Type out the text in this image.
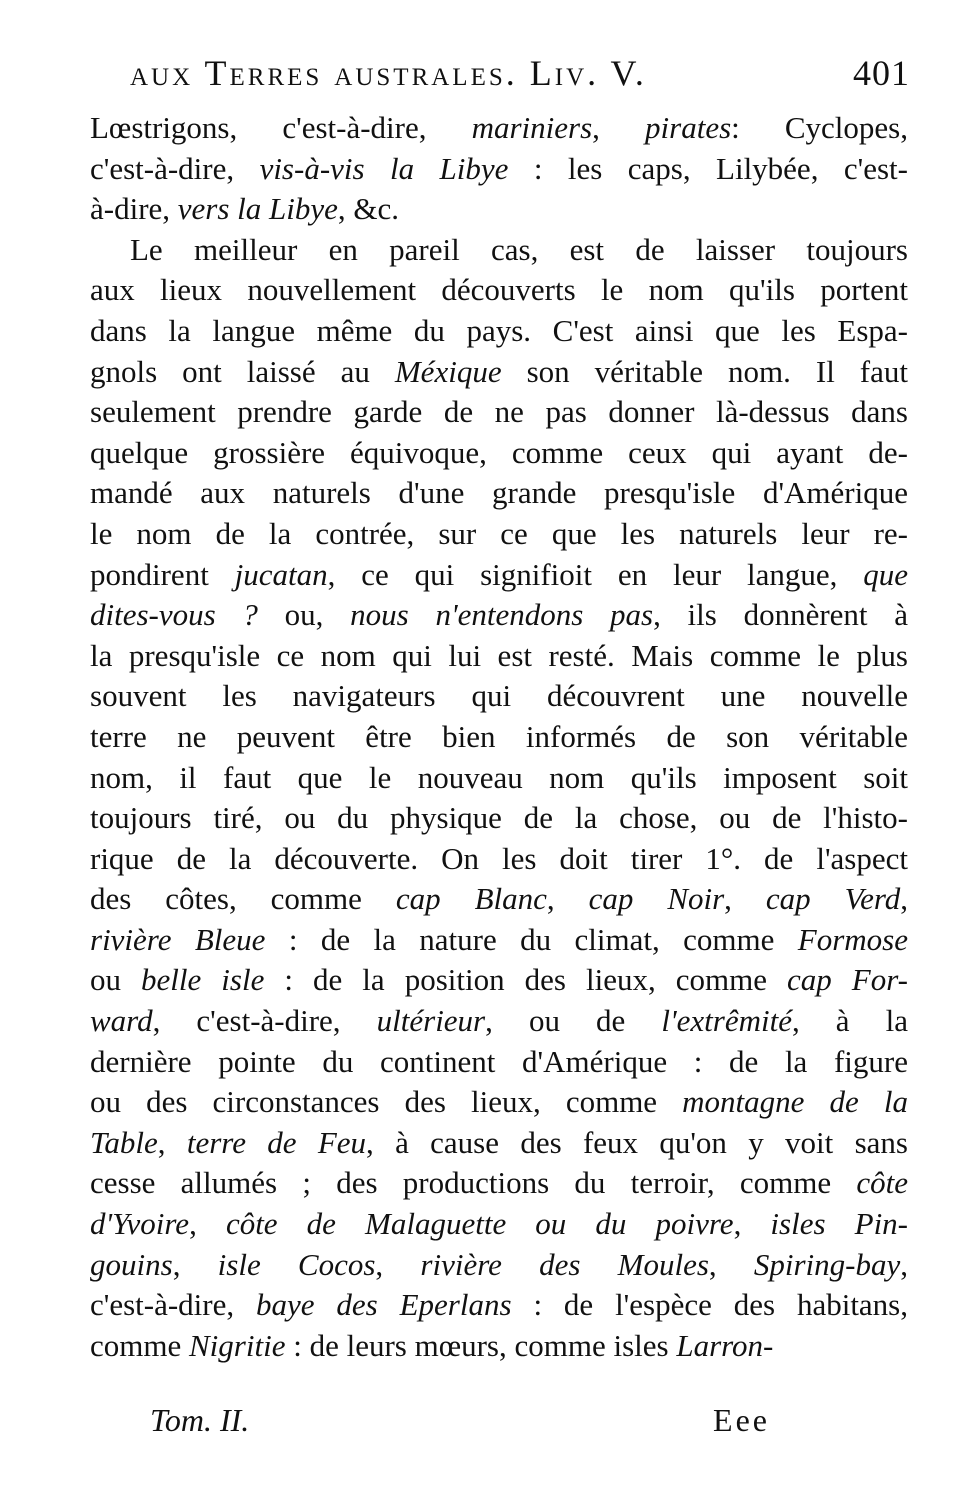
aux Terres australes. Liv. V.	401
Lœstrigons, c'est-à-dire, mariniers, pirates: Cyclopes,
c'est-à-dire, vis-à-vis la Libye : les caps, Lilybée, c'est-
à-dire, vers la Libye, &c.
Le meilleur en pareil cas, est de laisser toujours
aux lieux nouvellement découverts le nom qu'ils portent
dans la langue même du pays. C'est ainsi que les Espa-
gnols ont laissé au Méxique son véritable nom. Il faut
seulement prendre garde de ne pas donner là-dessus dans
quelque grossière équivoque, comme ceux qui ayant de-
mandé aux naturels d'une grande presqu'isle d'Amérique
le nom de la contrée, sur ce que les naturels leur re-
pondirent jucatan, ce qui signifioit en leur langue, que
dites-vous ? ou, nous n'entendons pas, ils donnèrent à
la presqu'isle ce nom qui lui est resté. Mais comme le plus
souvent les navigateurs qui découvrent une nouvelle
terre ne peuvent être bien informés de son véritable
nom, il faut que le nouveau nom qu'ils imposent soit
toujours tiré, ou du physique de la chose, ou de l'histo-
rique de la découverte. On les doit tirer 1°. de l'aspect
des côtes, comme cap Blanc, cap Noir, cap Verd,
rivière Bleue : de la nature du climat, comme Formose
ou belle isle : de la position des lieux, comme cap For-
ward, c'est-à-dire, ultérieur, ou de l'extrêmité, à la
dernière pointe du continent d'Amérique : de la figure
ou des circonstances des lieux, comme montagne de la
Table, terre de Feu, à cause des feux qu'on y voit sans
cesse allumés ; des productions du terroir, comme côte
d'Yvoire, côte de Malaguette ou du poivre, isles Pin-
gouins, isle Cocos, rivière des Moules, Spiring-bay,
c'est-à-dire, baye des Eperlans : de l'espèce des habitans,
comme Nigritie : de leurs mœurs, comme isles Larron-
Tom. II.	Eee
